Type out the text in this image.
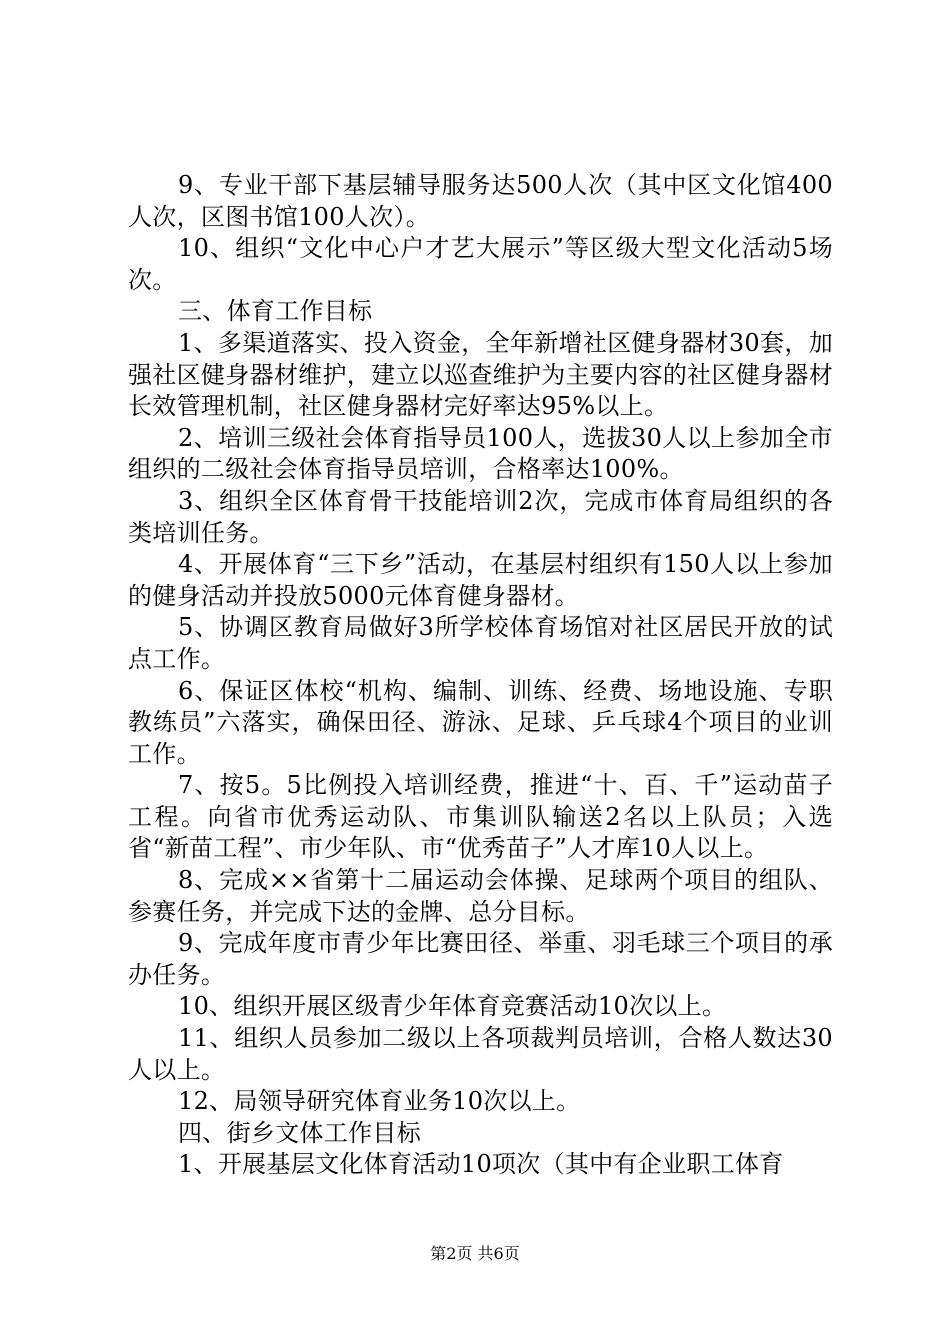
9、专业干部下基层辅导服务达500人次（其中区文化馆400人次，区图书馆100人次）。

10、组织“文化中心户才艺大展示”等区级大型文化活动5场次。

三、体育工作目标

1、多渠道落实、投入资金，全年新增社区健身器材30套，加强社区健身器材维护，建立以巡查维护为主要内容的社区健身器材长效管理机制，社区健身器材完好率达95%以上。

2、培训三级社会体育指导员100人，选拔30人以上参加全市组织的二级社会体育指导员培训，合格率达100%。

3、组织全区体育骨干技能培训2次，完成市体育局组织的各类培训任务。

4、开展体育“三下乡”活动，在基层村组织有150人以上参加的健身活动并投放5000元体育健身器材。

5、协调区教育局做好3所学校体育场馆对社区居民开放的试点工作。

6、保证区体校“机构、编制、训练、经费、场地设施、专职教练员”六落实，确保田径、游泳、足球、乒乓球4个项目的业训工作。

7、按5。5比例投入培训经费，推进“十、百、千”运动苗子工程。向省市优秀运动队、市集训队输送2名以上队员；入选省“新苗工程”、市少年队、市“优秀苗子”人才库10人以上。

8、完成××省第十二届运动会体操、足球两个项目的组队、参赛任务，并完成下达的金牌、总分目标。

9、完成年度市青少年比赛田径、举重、羽毛球三个项目的承办任务。

10、组织开展区级青少年体育竞赛活动10次以上。

11、组织人员参加二级以上各项裁判员培训，合格人数达30人以上。

12、局领导研究体育业务10次以上。

四、街乡文体工作目标

1、开展基层文化体育活动10项次（其中有企业职工体育

第2页 共6页
